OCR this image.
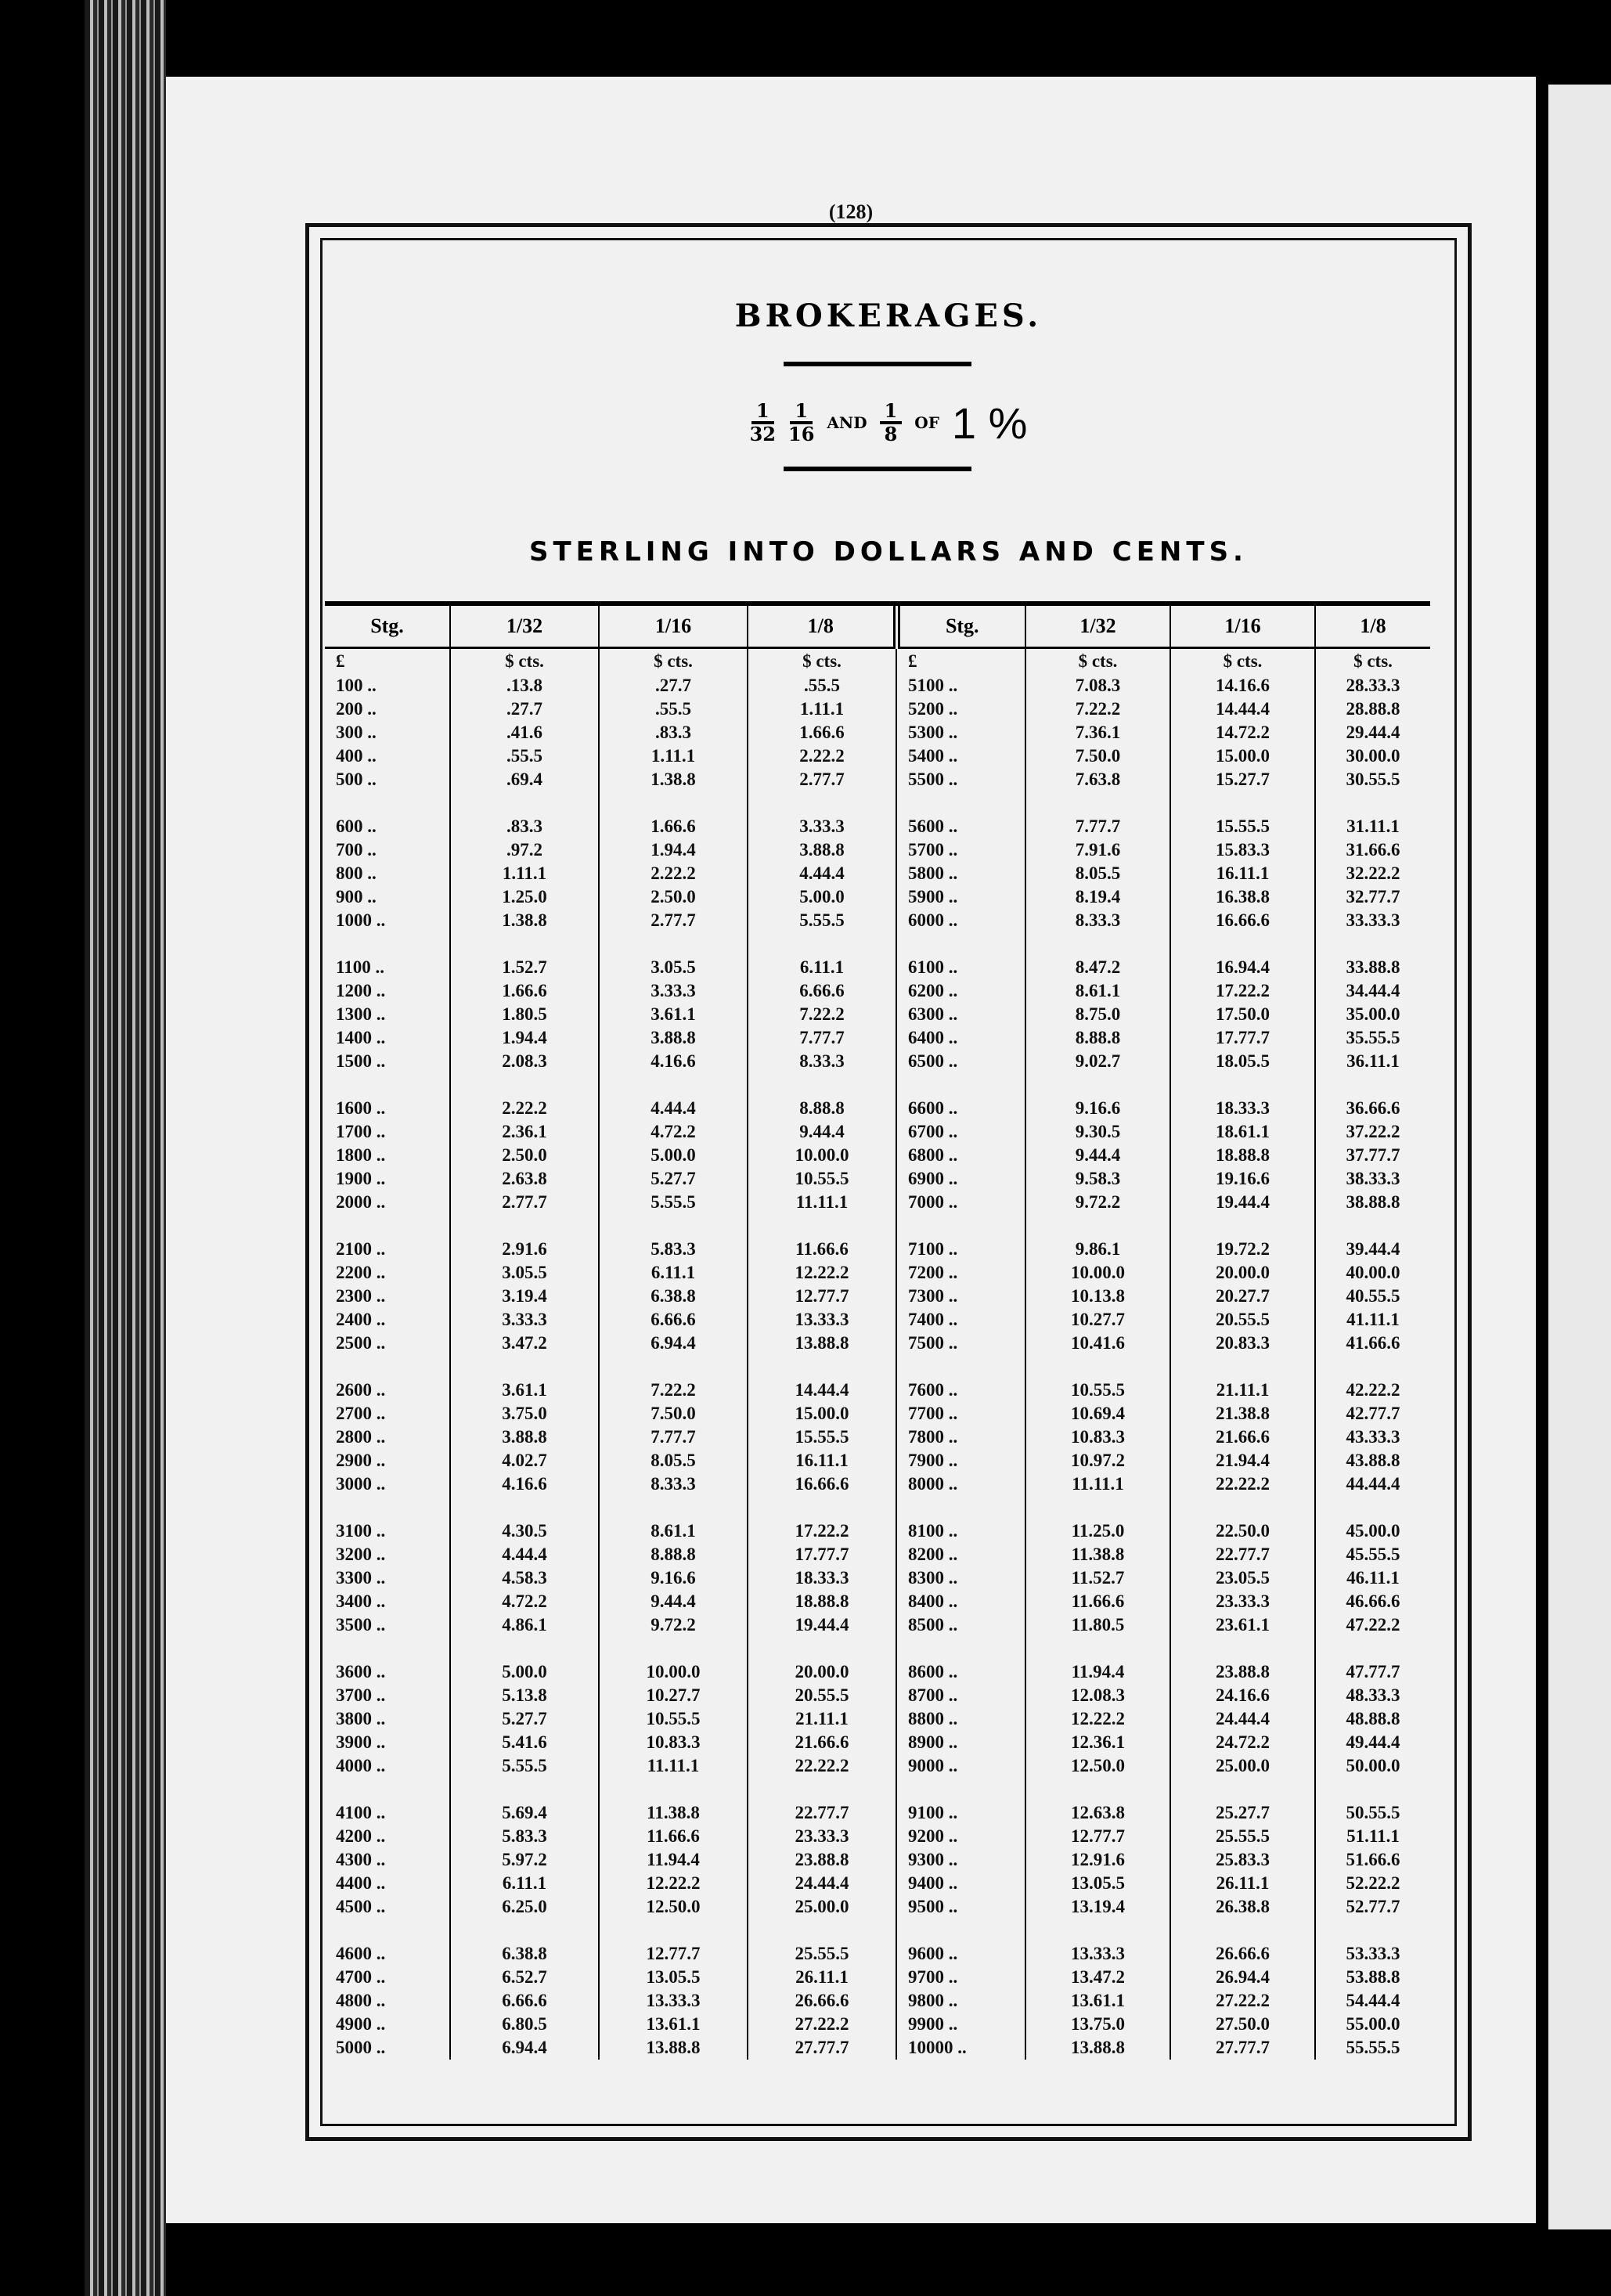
(128)
BROKERAGES.
$\frac{1}{32} \frac{1}{16}$ AND $\frac{1}{8}$ OF 1 %
STERLING INTO DOLLARS AND CENTS.
Stg.	1/32	1/16	1/8	Stg.	1/32	1/16	1/8
£	$ cts.	$ cts.	$ cts.	£	$ cts.	$ cts.	$ cts.
100 ..	.13.8	.27.7	.55.5	5100 ..	7.08.3	14.16.6	28.33.3
200 ..	.27.7	.55.5	1.11.1	5200 ..	7.22.2	14.44.4	28.88.8
300 ..	.41.6	.83.3	1.66.6	5300 ..	7.36.1	14.72.2	29.44.4
400 ..	.55.5	1.11.1	2.22.2	5400 ..	7.50.0	15.00.0	30.00.0
500 ..	.69.4	1.38.8	2.77.7	5500 ..	7.63.8	15.27.7	30.55.5

600 ..	.83.3	1.66.6	3.33.3	5600 ..	7.77.7	15.55.5	31.11.1
700 ..	.97.2	1.94.4	3.88.8	5700 ..	7.91.6	15.83.3	31.66.6
800 ..	1.11.1	2.22.2	4.44.4	5800 ..	8.05.5	16.11.1	32.22.2
900 ..	1.25.0	2.50.0	5.00.0	5900 ..	8.19.4	16.38.8	32.77.7
1000 ..	1.38.8	2.77.7	5.55.5	6000 ..	8.33.3	16.66.6	33.33.3

1100 ..	1.52.7	3.05.5	6.11.1	6100 ..	8.47.2	16.94.4	33.88.8
1200 ..	1.66.6	3.33.3	6.66.6	6200 ..	8.61.1	17.22.2	34.44.4
1300 ..	1.80.5	3.61.1	7.22.2	6300 ..	8.75.0	17.50.0	35.00.0
1400 ..	1.94.4	3.88.8	7.77.7	6400 ..	8.88.8	17.77.7	35.55.5
1500 ..	2.08.3	4.16.6	8.33.3	6500 ..	9.02.7	18.05.5	36.11.1

1600 ..	2.22.2	4.44.4	8.88.8	6600 ..	9.16.6	18.33.3	36.66.6
1700 ..	2.36.1	4.72.2	9.44.4	6700 ..	9.30.5	18.61.1	37.22.2
1800 ..	2.50.0	5.00.0	10.00.0	6800 ..	9.44.4	18.88.8	37.77.7
1900 ..	2.63.8	5.27.7	10.55.5	6900 ..	9.58.3	19.16.6	38.33.3
2000 ..	2.77.7	5.55.5	11.11.1	7000 ..	9.72.2	19.44.4	38.88.8

2100 ..	2.91.6	5.83.3	11.66.6	7100 ..	9.86.1	19.72.2	39.44.4
2200 ..	3.05.5	6.11.1	12.22.2	7200 ..	10.00.0	20.00.0	40.00.0
2300 ..	3.19.4	6.38.8	12.77.7	7300 ..	10.13.8	20.27.7	40.55.5
2400 ..	3.33.3	6.66.6	13.33.3	7400 ..	10.27.7	20.55.5	41.11.1
2500 ..	3.47.2	6.94.4	13.88.8	7500 ..	10.41.6	20.83.3	41.66.6

2600 ..	3.61.1	7.22.2	14.44.4	7600 ..	10.55.5	21.11.1	42.22.2
2700 ..	3.75.0	7.50.0	15.00.0	7700 ..	10.69.4	21.38.8	42.77.7
2800 ..	3.88.8	7.77.7	15.55.5	7800 ..	10.83.3	21.66.6	43.33.3
2900 ..	4.02.7	8.05.5	16.11.1	7900 ..	10.97.2	21.94.4	43.88.8
3000 ..	4.16.6	8.33.3	16.66.6	8000 ..	11.11.1	22.22.2	44.44.4

3100 ..	4.30.5	8.61.1	17.22.2	8100 ..	11.25.0	22.50.0	45.00.0
3200 ..	4.44.4	8.88.8	17.77.7	8200 ..	11.38.8	22.77.7	45.55.5
3300 ..	4.58.3	9.16.6	18.33.3	8300 ..	11.52.7	23.05.5	46.11.1
3400 ..	4.72.2	9.44.4	18.88.8	8400 ..	11.66.6	23.33.3	46.66.6
3500 ..	4.86.1	9.72.2	19.44.4	8500 ..	11.80.5	23.61.1	47.22.2

3600 ..	5.00.0	10.00.0	20.00.0	8600 ..	11.94.4	23.88.8	47.77.7
3700 ..	5.13.8	10.27.7	20.55.5	8700 ..	12.08.3	24.16.6	48.33.3
3800 ..	5.27.7	10.55.5	21.11.1	8800 ..	12.22.2	24.44.4	48.88.8
3900 ..	5.41.6	10.83.3	21.66.6	8900 ..	12.36.1	24.72.2	49.44.4
4000 ..	5.55.5	11.11.1	22.22.2	9000 ..	12.50.0	25.00.0	50.00.0

4100 ..	5.69.4	11.38.8	22.77.7	9100 ..	12.63.8	25.27.7	50.55.5
4200 ..	5.83.3	11.66.6	23.33.3	9200 ..	12.77.7	25.55.5	51.11.1
4300 ..	5.97.2	11.94.4	23.88.8	9300 ..	12.91.6	25.83.3	51.66.6
4400 ..	6.11.1	12.22.2	24.44.4	9400 ..	13.05.5	26.11.1	52.22.2
4500 ..	6.25.0	12.50.0	25.00.0	9500 ..	13.19.4	26.38.8	52.77.7

4600 ..	6.38.8	12.77.7	25.55.5	9600 ..	13.33.3	26.66.6	53.33.3
4700 ..	6.52.7	13.05.5	26.11.1	9700 ..	13.47.2	26.94.4	53.88.8
4800 ..	6.66.6	13.33.3	26.66.6	9800 ..	13.61.1	27.22.2	54.44.4
4900 ..	6.80.5	13.61.1	27.22.2	9900 ..	13.75.0	27.50.0	55.00.0
5000 ..	6.94.4	13.88.8	27.77.7	10000 ..	13.88.8	27.77.7	55.55.5
